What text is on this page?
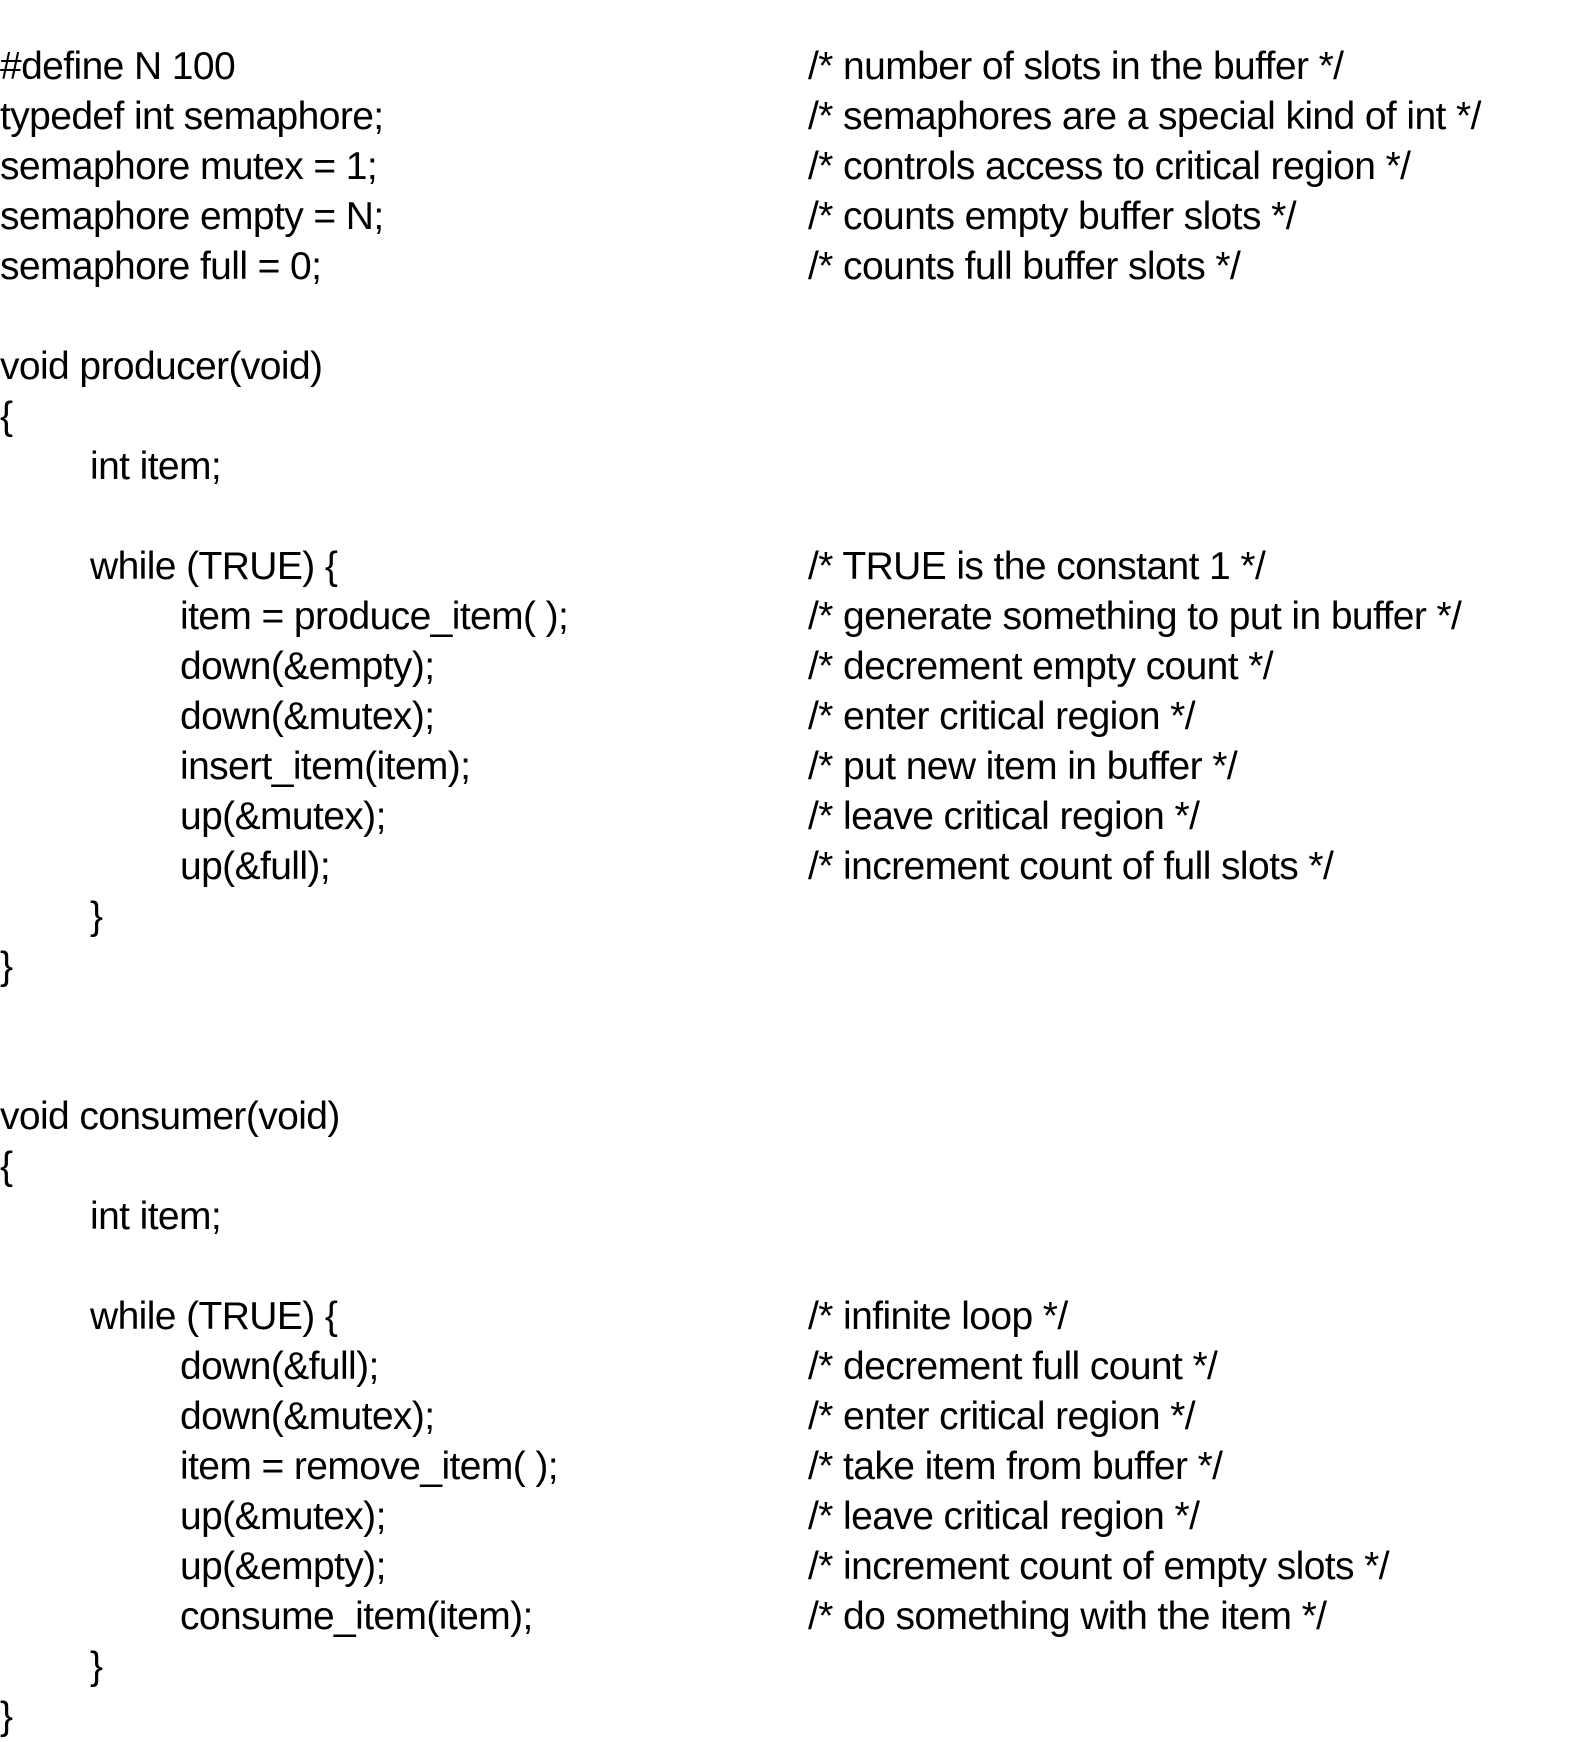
#define N 100	/* number of slots in the buffer */
typedef int semaphore;	/* semaphores are a special kind of int */
semaphore mutex = 1;	/* controls access to critical region */
semaphore empty = N;	/* counts empty buffer slots */
semaphore full = 0;	/* counts full buffer slots */
void producer(void)
{
int item;
while (TRUE) {	/* TRUE is the constant 1 */
item = produce_item( );	/* generate something to put in buffer */
down(&empty);	/* decrement empty count */
down(&mutex);	/* enter critical region */
insert_item(item);	/* put new item in buffer */
up(&mutex);	/* leave critical region */
up(&full);	/* increment count of full slots */
}
}
void consumer(void)
{
int item;
while (TRUE) {	/* infinite loop */
down(&full);	/* decrement full count */
down(&mutex);	/* enter critical region */
item = remove_item( );	/* take item from buffer */
up(&mutex);	/* leave critical region */
up(&empty);	/* increment count of empty slots */
consume_item(item);	/* do something with the item */
}
}
